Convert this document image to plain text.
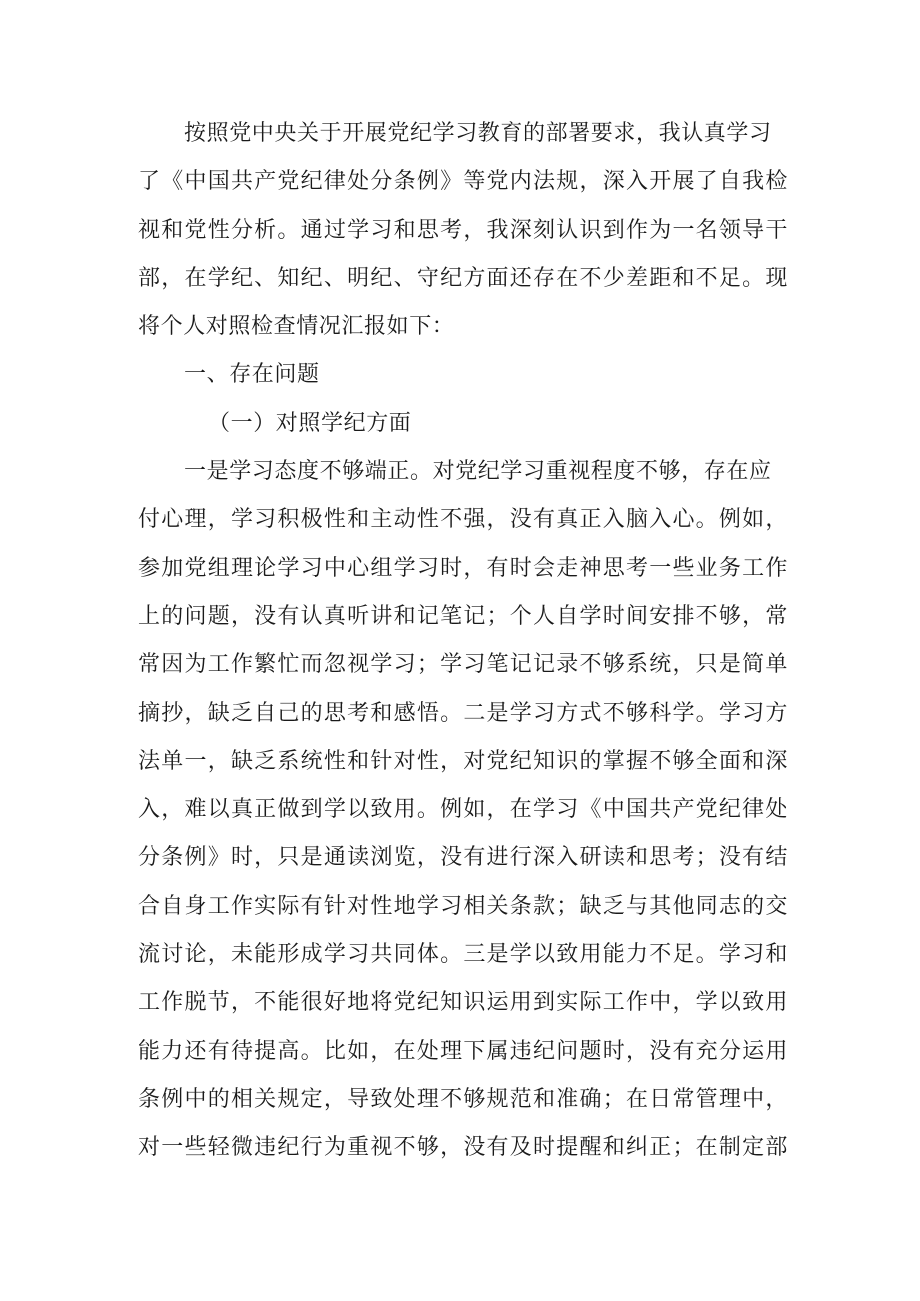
按照党中央关于开展党纪学习教育的部署要求，我认真学习
了《中国共产党纪律处分条例》等党内法规，深入开展了自我检
视和党性分析。通过学习和思考，我深刻认识到作为一名领导干
部，在学纪、知纪、明纪、守纪方面还存在不少差距和不足。现
将个人对照检查情况汇报如下：
一、存在问题
（一）对照学纪方面
一是学习态度不够端正。对党纪学习重视程度不够，存在应
付心理，学习积极性和主动性不强，没有真正入脑入心。例如，
参加党组理论学习中心组学习时，有时会走神思考一些业务工作
上的问题，没有认真听讲和记笔记；个人自学时间安排不够，常
常因为工作繁忙而忽视学习；学习笔记记录不够系统，只是简单
摘抄，缺乏自己的思考和感悟。二是学习方式不够科学。学习方
法单一，缺乏系统性和针对性，对党纪知识的掌握不够全面和深
入，难以真正做到学以致用。例如，在学习《中国共产党纪律处
分条例》时，只是通读浏览，没有进行深入研读和思考；没有结
合自身工作实际有针对性地学习相关条款；缺乏与其他同志的交
流讨论，未能形成学习共同体。三是学以致用能力不足。学习和
工作脱节，不能很好地将党纪知识运用到实际工作中，学以致用
能力还有待提高。比如，在处理下属违纪问题时，没有充分运用
条例中的相关规定，导致处理不够规范和准确；在日常管理中，
对一些轻微违纪行为重视不够，没有及时提醒和纠正；在制定部
